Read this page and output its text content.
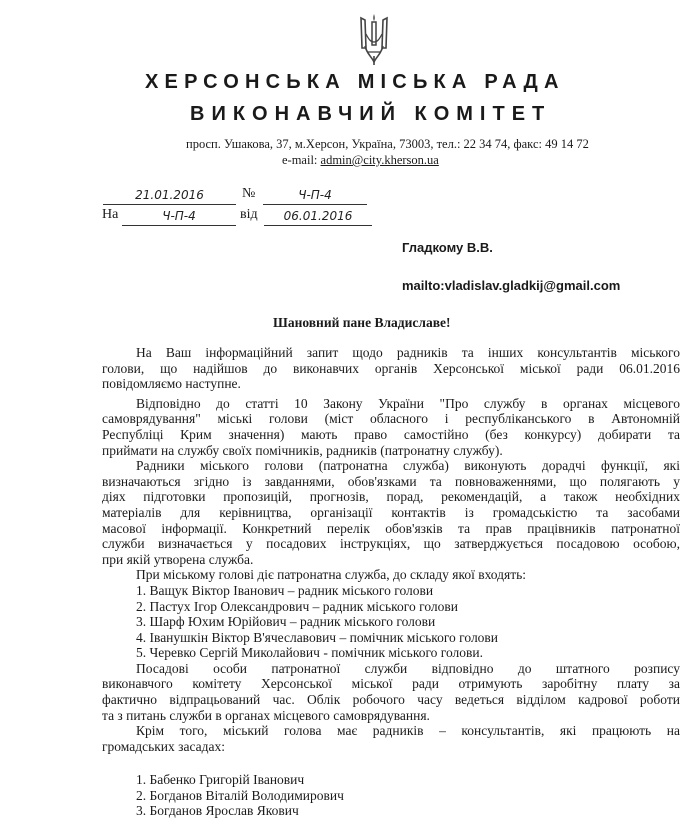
ХЕРСОНСЬКА МІСЬКА РАДА
ВИКОНАВЧИЙ КОМІТЕТ
просп. Ушакова, 37, м.Херсон, Україна, 73003, тел.: 22 34 74, факс: 49 14 72
e-mail: admin@city.kherson.ua
21.01.2016	№	Ч-П-4
На	Ч-П-4	від	06.01.2016
Гладкому В.В.
mailto:vladislav.gladkij@gmail.com
Шановний пане Владиславе!
На Ваш інформаційний запит щодо радників та інших консультантів міського
голови, що надійшов до виконавчих органів Херсонської міської ради 06.01.2016
повідомляємо наступне.
Відповідно до статті 10 Закону України "Про службу в органах місцевого
самоврядування" міські голови (міст обласного і республіканського в Автономній
Республіці Крим значення) мають право самостійно (без конкурсу) добирати та
приймати на службу своїх помічників, радників (патронатну службу).
Радники міського голови (патронатна служба) виконують дорадчі функції, які
визначаються згідно із завданнями, обов'язками та повноваженнями, що полягають у
діях підготовки пропозицій, прогнозів, порад, рекомендацій, а також необхідних
матеріалів для керівництва, організації контактів із громадськістю та засобами
масової інформації. Конкретний перелік обов'язків та прав працівників патронатної
служби визначається у посадових інструкціях, що затверджується посадовою особою,
при якій утворена служба.
При міському голові діє патронатна служба, до складу якої входять:
1. Ващук Віктор Іванович – радник міського голови
2. Пастух Ігор Олександрович – радник міського голови
3. Шарф Юхим Юрійович – радник міського голови
4. Іванушкін Віктор В'ячеславович – помічник міського голови
5. Черевко Сергій Миколайович - помічник міського голови.
Посадові особи патронатної служби відповідно до штатного розпису
виконавчого комітету Херсонської міської ради отримують заробітну плату за
фактично відпрацьований час. Облік робочого часу ведеться відділом кадрової роботи
та з питань служби в органах місцевого самоврядування.
Крім того, міський голова має радників – консультантів, які працюють на
громадських засадах:
1. Бабенко Григорій Іванович
2. Богданов Віталій Володимирович
3. Богданов Ярослав Якович
